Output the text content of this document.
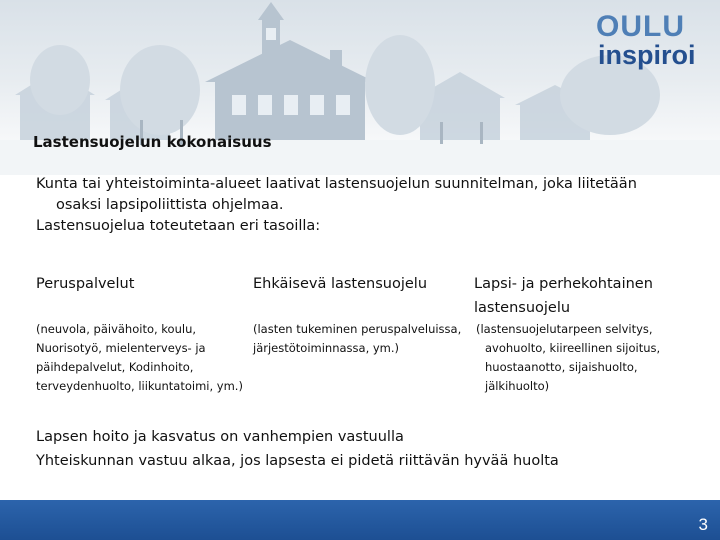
OULU
inspiroi
Lastensuojelun kokonaisuus
Kunta tai yhteistoiminta-alueet laativat lastensuojelun suunnitelman, joka liitetään
osaksi lapsipoliittista ohjelmaa.
Lastensuojelua toteutetaan eri tasoilla:
Peruspalvelut	Ehkäisevä lastensuojelu	Lapsi- ja perhekohtainen
lastensuojelu
(neuvola, päivähoito, koulu,
Nuorisotyö, mielenterveys- ja
päihdepalvelut, Kodinhoito,
terveydenhuolto, liikuntatoimi, ym.)
(lasten tukeminen peruspalveluissa,
järjestötoiminnassa, ym.)
(lastensuojelutarpeen selvitys,
avohuolto, kiireellinen sijoitus,
huostaanotto, sijaishuolto,
jälkihuolto)
Lapsen hoito ja kasvatus on vanhempien vastuulla
Yhteiskunnan vastuu alkaa, jos lapsesta ei pidetä riittävän hyvää huolta
3
